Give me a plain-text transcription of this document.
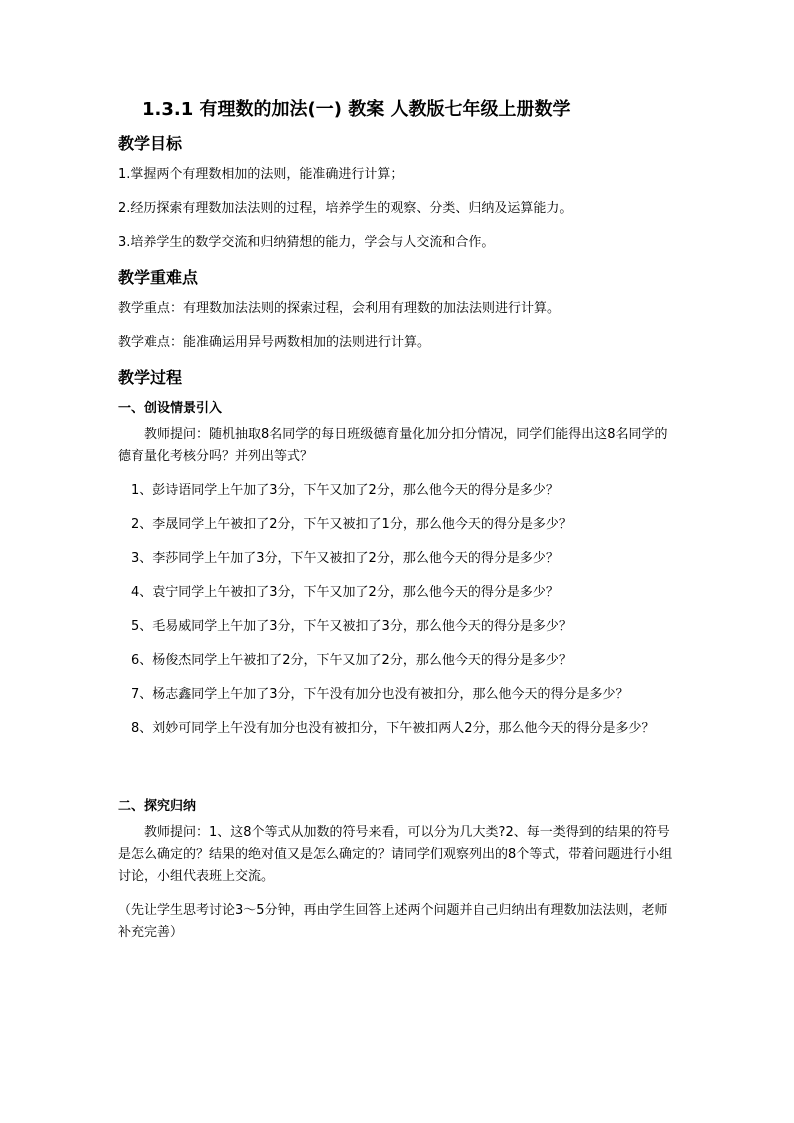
1.3.1 有理数的加法(一) 教案 人教版七年级上册数学
教学目标
1.掌握两个有理数相加的法则，能准确进行计算；
2.经历探索有理数加法法则的过程，培养学生的观察、分类、归纳及运算能力。
3.培养学生的数学交流和归纳猜想的能力，学会与人交流和合作。
教学重难点
教学重点：有理数加法法则的探索过程，会利用有理数的加法法则进行计算。
教学难点：能准确运用异号两数相加的法则进行计算。
教学过程
一、创设情景引入
教师提问：随机抽取8名同学的每日班级德育量化加分扣分情况，同学们能得出这8名同学的德育量化考核分吗？并列出等式？
1、彭诗语同学上午加了3分，下午又加了2分，那么他今天的得分是多少？
2、李晟同学上午被扣了2分，下午又被扣了1分，那么他今天的得分是多少？
3、李莎同学上午加了3分，下午又被扣了2分，那么他今天的得分是多少？
4、袁宁同学上午被扣了3分，下午又加了2分，那么他今天的得分是多少？
5、毛易威同学上午加了3分，下午又被扣了3分，那么他今天的得分是多少？
6、杨俊杰同学上午被扣了2分，下午又加了2分，那么他今天的得分是多少？
7、杨志鑫同学上午加了3分，下午没有加分也没有被扣分，那么他今天的得分是多少？
8、刘妙可同学上午没有加分也没有被扣分，下午被扣两人2分，那么他今天的得分是多少？
二、探究归纳
教师提问：1、这8个等式从加数的符号来看，可以分为几大类?2、每一类得到的结果的符号是怎么确定的？结果的绝对值又是怎么确定的？请同学们观察列出的8个等式，带着问题进行小组讨论，小组代表班上交流。
（先让学生思考讨论3～5分钟，再由学生回答上述两个问题并自己归纳出有理数加法法则，老师补充完善）
